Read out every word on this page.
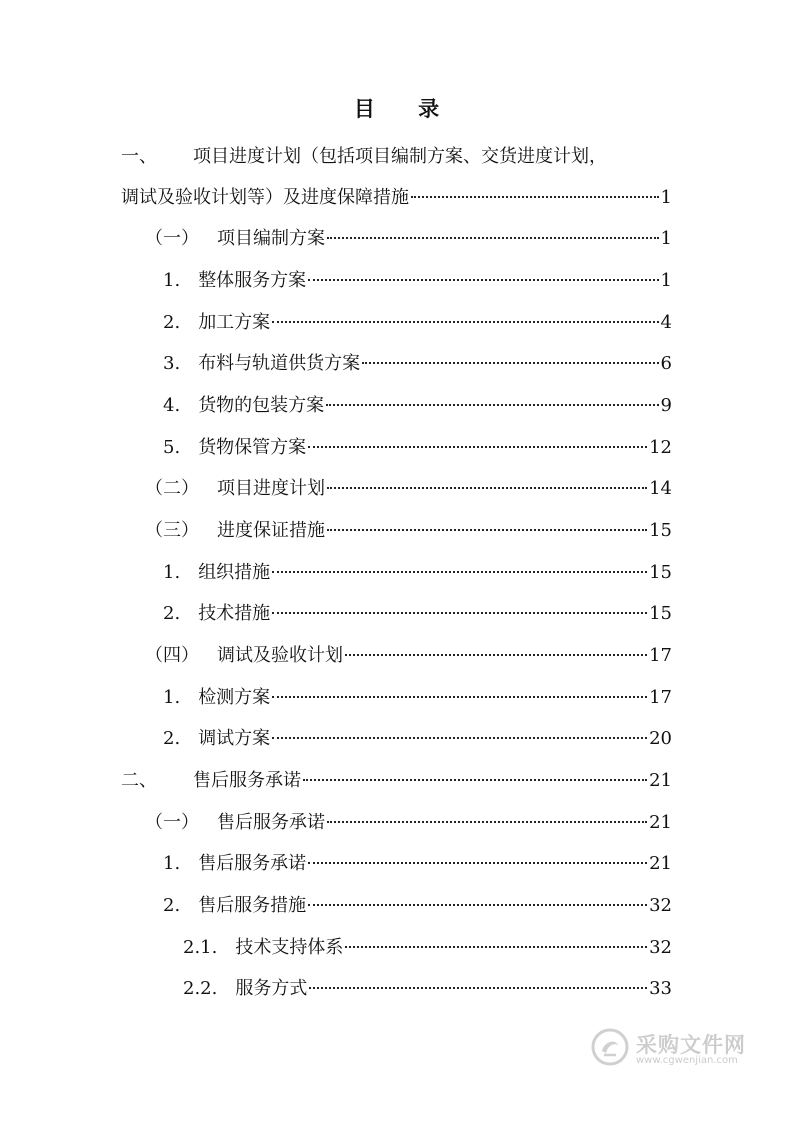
目 录
一、 项目进度计划（包括项目编制方案、交货进度计划，
调试及验收计划等）及进度保障措施	1
（一） 项目编制方案	1
1. 整体服务方案	1
2. 加工方案	4
3. 布料与轨道供货方案	6
4. 货物的包装方案	9
5. 货物保管方案	12
（二） 项目进度计划	14
（三） 进度保证措施	15
1. 组织措施	15
2. 技术措施	15
（四） 调试及验收计划	17
1. 检测方案	17
2. 调试方案	20
二、 售后服务承诺	21
（一） 售后服务承诺	21
1. 售后服务承诺	21
2. 售后服务措施	32
2.1. 技术支持体系	32
2.2. 服务方式	33
采购文件网
www.cgwenjian.com
